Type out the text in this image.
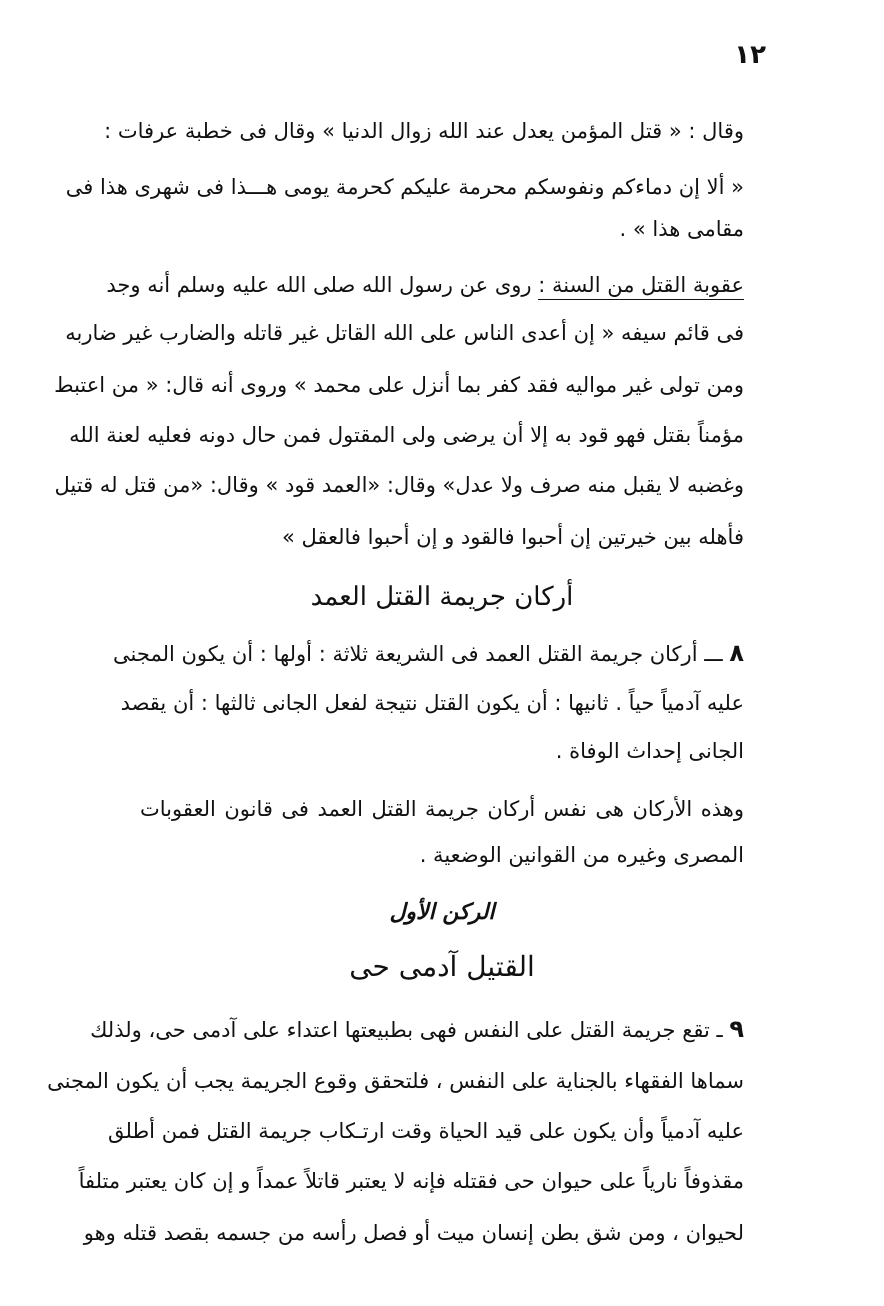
١٢
وقال : « قتل المؤمن يعدل عند الله زوال الدنيا » وقال فى خطبة عرفات :
« ألا إن دماءكم ونفوسكم محرمة عليكم كحرمة يومى هـــذا فى شهرى هذا فى
مقامى هذا » .
عقوبة القتل من السنة : روى عن رسول الله صلى الله عليه وسلم أنه وجد
فى قائم سيفه « إن أعدى الناس على الله القاتل غير قاتله والضارب غير ضاربه
ومن تولى غير مواليه فقد كفر بما أنزل على محمد » وروى أنه قال: « من اعتبط
مؤمناً بقتل فهو قود به إلا أن يرضى ولى المقتول فمن حال دونه فعليه لعنة الله
وغضبه لا يقبل منه صرف ولا عدل» وقال: «العمد قود » وقال: «من قتل له قتيل
فأهله بين خيرتين إن أحبوا فالقود و إن أحبوا فالعقل »
أركان جريمة القتل العمد
٨ ـــ أركان جريمة القتل العمد فى الشريعة ثلاثة : أولها : أن يكون المجنى
عليه آدمياً حياً . ثانيها : أن يكون القتل نتيجة لفعل الجانى ثالثها : أن يقصد
الجانى إحداث الوفاة .
وهذه الأركان هى نفس أركان جريمة القتل العمد فى قانون العقوبات
المصرى وغيره من القوانين الوضعية .
الركن الأول
القتيل آدمى حى
٩ ـ تقع جريمة القتل على النفس فهى بطبيعتها اعتداء على آدمى حى، ولذلك
سماها الفقهاء بالجناية على النفس ، فلتحقق وقوع الجريمة يجب أن يكون المجنى
عليه آدمياً وأن يكون على قيد الحياة وقت ارتـكاب جريمة القتل فمن أطلق
مقذوفاً نارياً على حيوان حى فقتله فإنه لا يعتبر قاتلاً عمداً و إن كان يعتبر متلفاً
لحيوان ، ومن شق بطن إنسان ميت أو فصل رأسه من جسمه بقصد قتله وهو
